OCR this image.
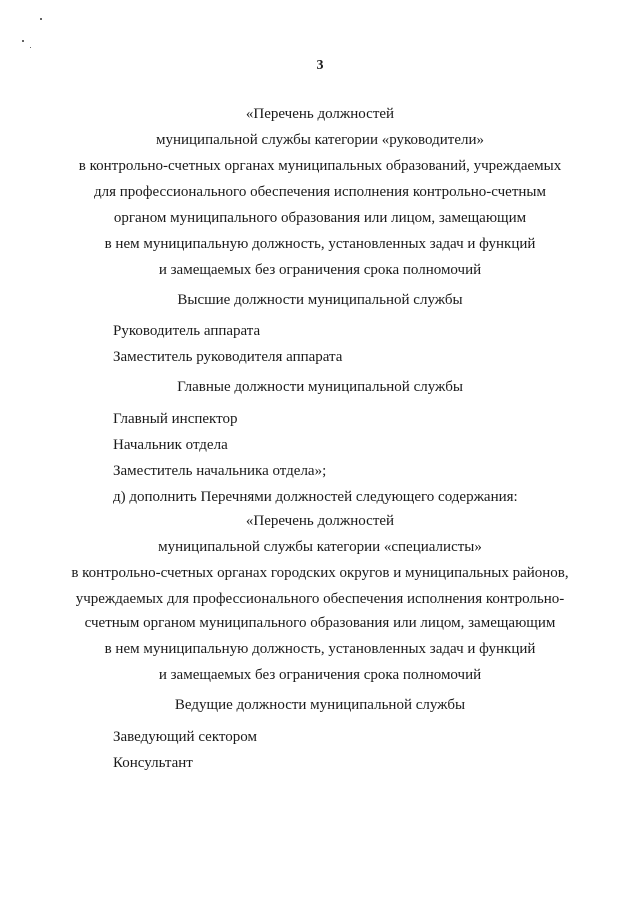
3
«Перечень должностей
муниципальной службы категории «руководители»
в контрольно-счетных органах муниципальных образований, учреждаемых
для профессионального обеспечения исполнения контрольно-счетным
органом муниципального образования или лицом, замещающим
в нем муниципальную должность, установленных задач и функций
и замещаемых без ограничения срока полномочий
Высшие должности муниципальной службы
Руководитель аппарата
Заместитель руководителя аппарата
Главные должности муниципальной службы
Главный инспектор
Начальник отдела
Заместитель начальника отдела»;
д) дополнить Перечнями должностей следующего содержания:
«Перечень должностей
муниципальной службы категории «специалисты»
в контрольно-счетных органах городских округов и муниципальных районов,
учреждаемых для профессионального обеспечения исполнения контрольно-
счетным органом муниципального образования или лицом, замещающим
в нем муниципальную должность, установленных задач и функций
и замещаемых без ограничения срока полномочий
Ведущие должности муниципальной службы
Заведующий сектором
Консультант
